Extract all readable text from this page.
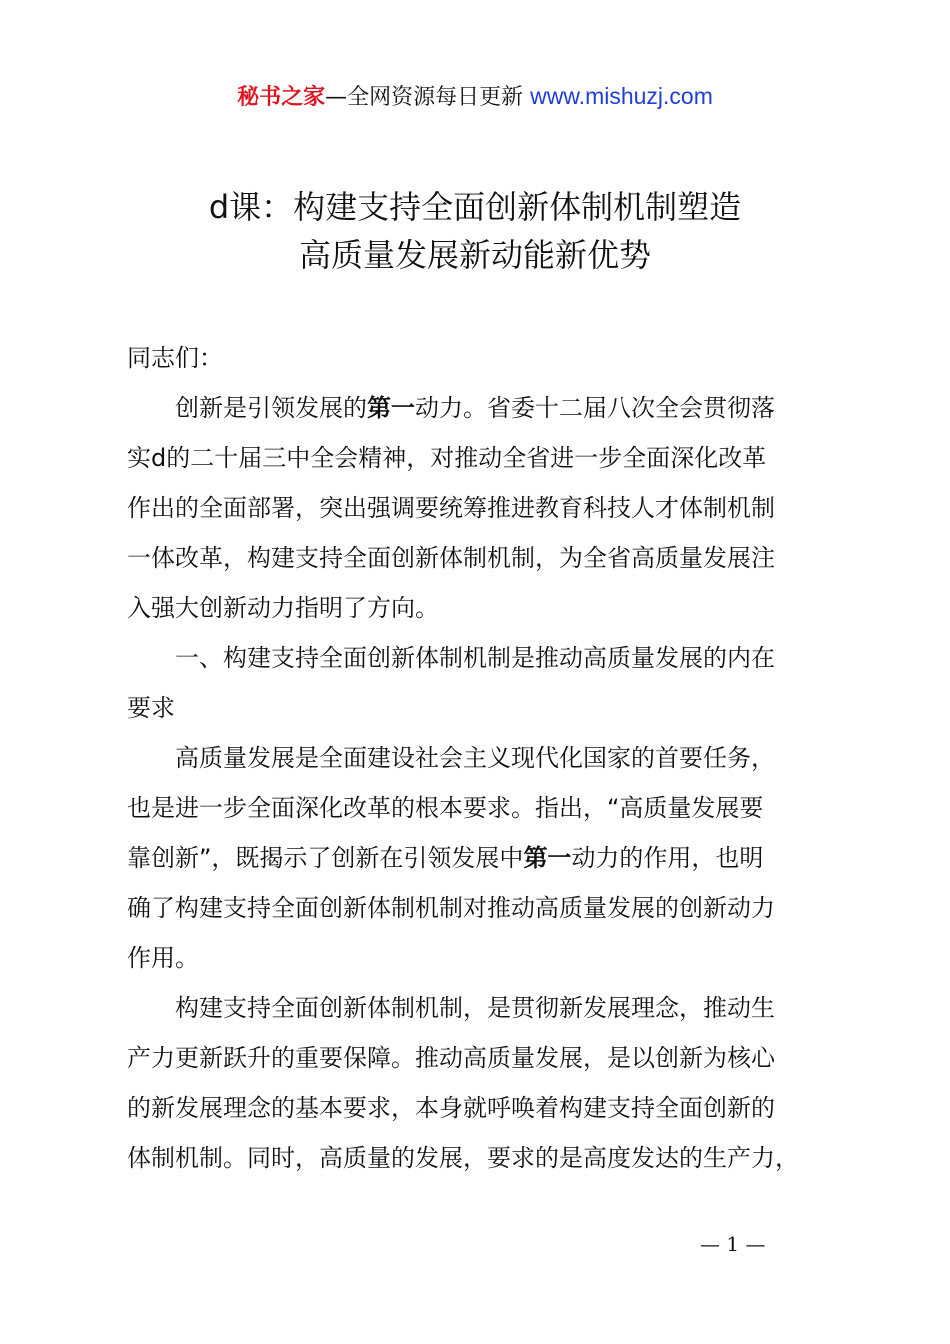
秘书之家—全网资源每日更新 www.mishuzj.com
d课：构建支持全面创新体制机制塑造
高质量发展新动能新优势

同志们：

创新是引领发展的第一动力。省委十二届八次全会贯彻落
实d的二十届三中全会精神，对推动全省进一步全面深化改革
作出的全面部署，突出强调要统筹推进教育科技人才体制机制
一体改革，构建支持全面创新体制机制，为全省高质量发展注
入强大创新动力指明了方向。

一、构建支持全面创新体制机制是推动高质量发展的内在
要求

高质量发展是全面建设社会主义现代化国家的首要任务，
也是进一步全面深化改革的根本要求。指出，“高质量发展要
靠创新”，既揭示了创新在引领发展中第一动力的作用，也明
确了构建支持全面创新体制机制对推动高质量发展的创新动力
作用。

构建支持全面创新体制机制，是贯彻新发展理念，推动生
产力更新跃升的重要保障。推动高质量发展，是以创新为核心
的新发展理念的基本要求，本身就呼唤着构建支持全面创新的
体制机制。同时，高质量的发展，要求的是高度发达的生产力，

— 1 —
